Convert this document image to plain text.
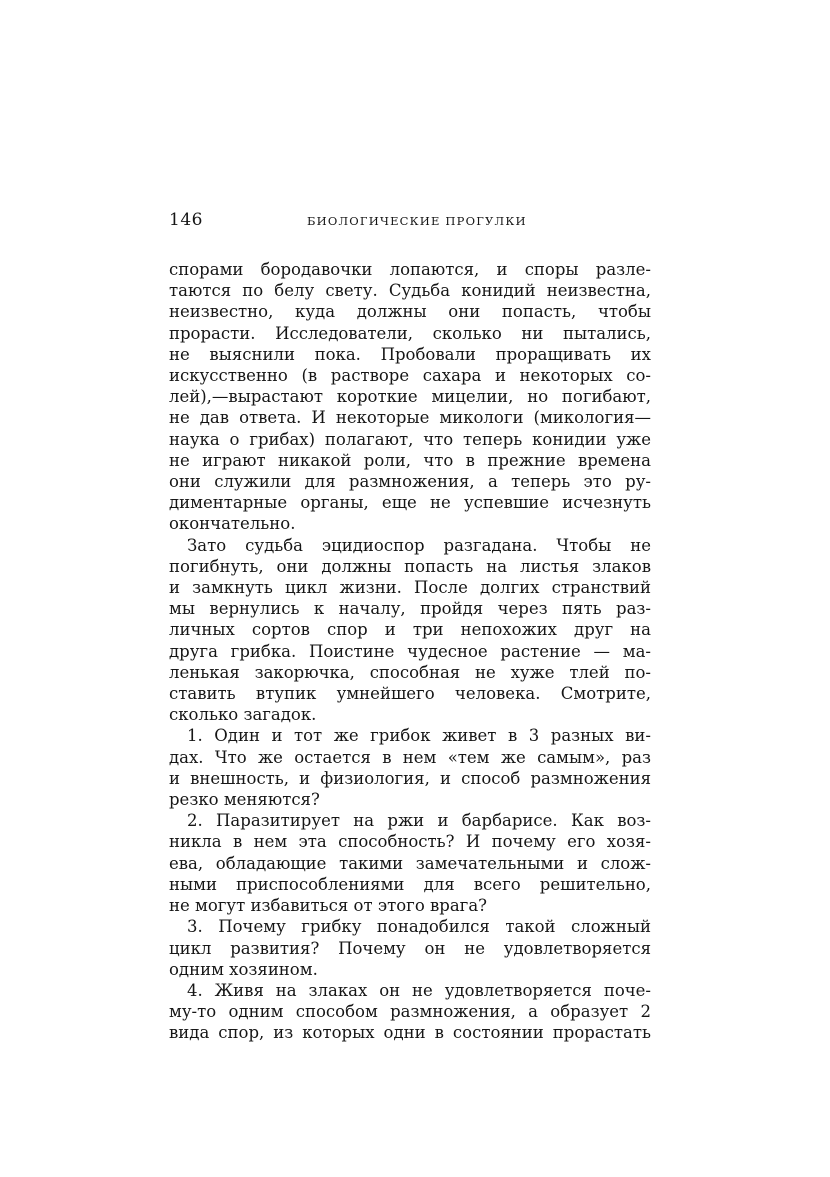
146	БИОЛОГИЧЕСКИЕ ПРОГУЛКИ
спорами бородавочки лопаются, и споры разле-
таются по белу свету. Судьба конидий неизвестна,
неизвестно, куда должны они попасть, чтобы
прорасти. Исследователи, сколько ни пытались,
не выяснили пока. Пробовали проращивать их
искусственно (в растворе сахара и некоторых со-
лей),—вырастают короткие мицелии, но погибают,
не дав ответа. И некоторые микологи (микология—
наука о грибах) полагают, что теперь конидии уже
не играют никакой роли, что в прежние времена
они служили для размножения, а теперь это ру-
диментарные органы, еще не успевшие исчезнуть
окончательно.
Зато судьба эцидиоспор разгадана. Чтобы не
погибнуть, они должны попасть на листья злаков
и замкнуть цикл жизни. После долгих странствий
мы вернулись к началу, пройдя через пять раз-
личных сортов спор и три непохожих друг на
друга грибка. Поистине чудесное растение — ма-
ленькая закорючка, способная не хуже тлей по-
ставить втупик умнейшего человека. Смотрите,
сколько загадок.
1. Один и тот же грибок живет в 3 разных ви-
дах. Что же остается в нем «тем же самым», раз
и внешность, и физиология, и способ размножения
резко меняются?
2. Паразитирует на ржи и барбарисе. Как воз-
никла в нем эта способность? И почему его хозя-
ева, обладающие такими замечательными и слож-
ными приспособлениями для всего решительно,
не могут избавиться от этого врага?
3. Почему грибку понадобился такой сложный
цикл развития? Почему он не удовлетворяется
одним хозяином.
4. Живя на злаках он не удовлетворяется поче-
му-то одним способом размножения, а образует 2
вида спор, из которых одни в состоянии прорастать
